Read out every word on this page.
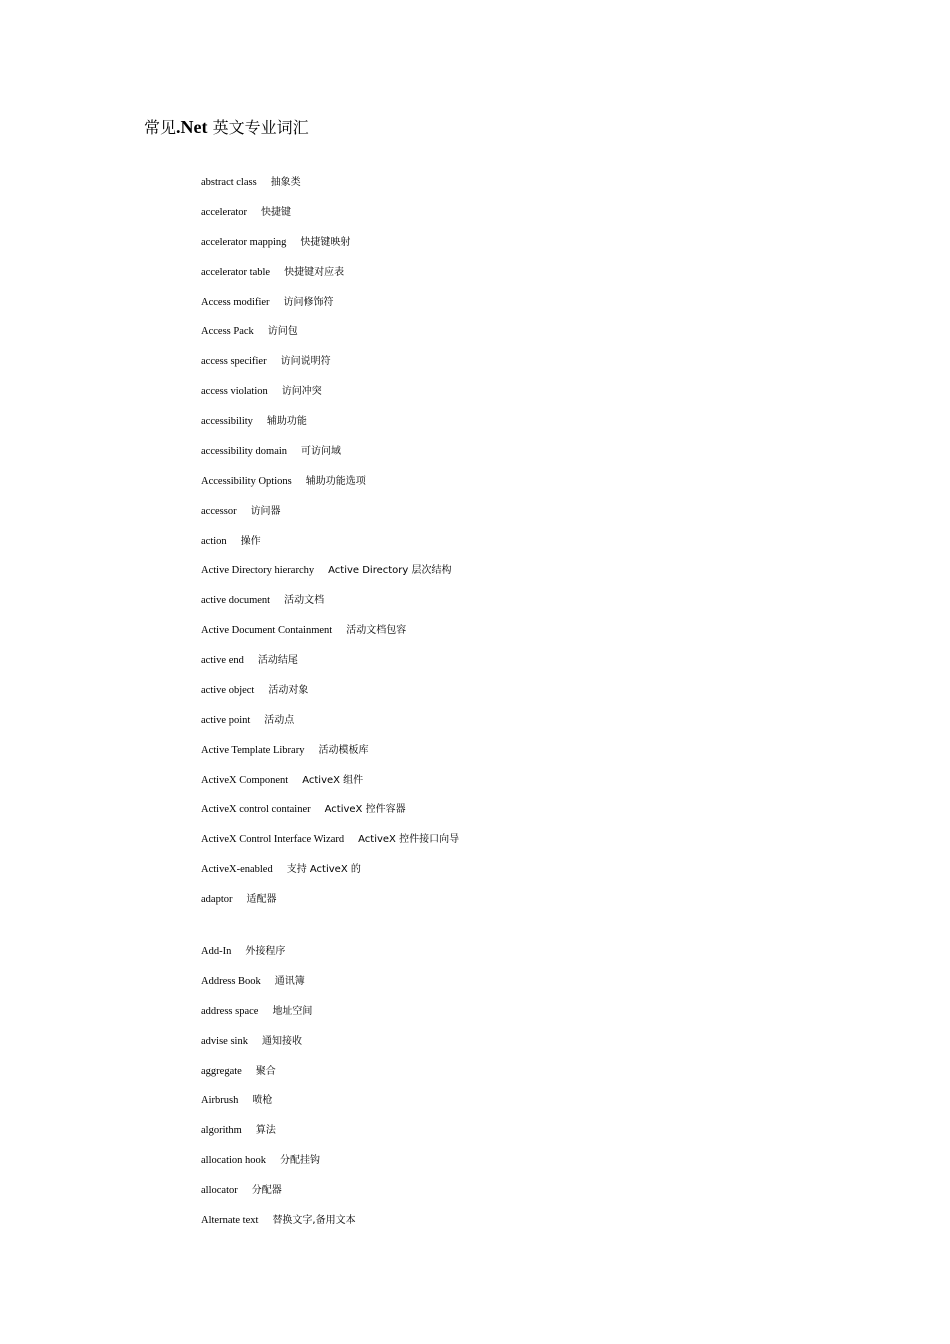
常见.Net 英文专业词汇
abstract class 抽象类
accelerator 快捷键
accelerator mapping 快捷键映射
accelerator table 快捷键对应表
Access modifier 访问修饰符
Access Pack 访问包
access specifier 访问说明符
access violation 访问冲突
accessibility 辅助功能
accessibility domain 可访问域
Accessibility Options 辅助功能选项
accessor 访问器
action 操作
Active Directory hierarchy Active Directory 层次结构
active document 活动文档
Active Document Containment 活动文档包容
active end 活动结尾
active object 活动对象
active point 活动点
Active Template Library 活动模板库
ActiveX Component ActiveX 组件
ActiveX control container ActiveX 控件容器
ActiveX Control Interface Wizard ActiveX 控件接口向导
ActiveX-enabled 支持 ActiveX 的
adaptor 适配器
Add-In 外接程序
Address Book 通讯簿
address space 地址空间
advise sink 通知接收
aggregate 聚合
Airbrush 喷枪
algorithm 算法
allocation hook 分配挂钩
allocator 分配器
Alternate text 替换文字,备用文本
